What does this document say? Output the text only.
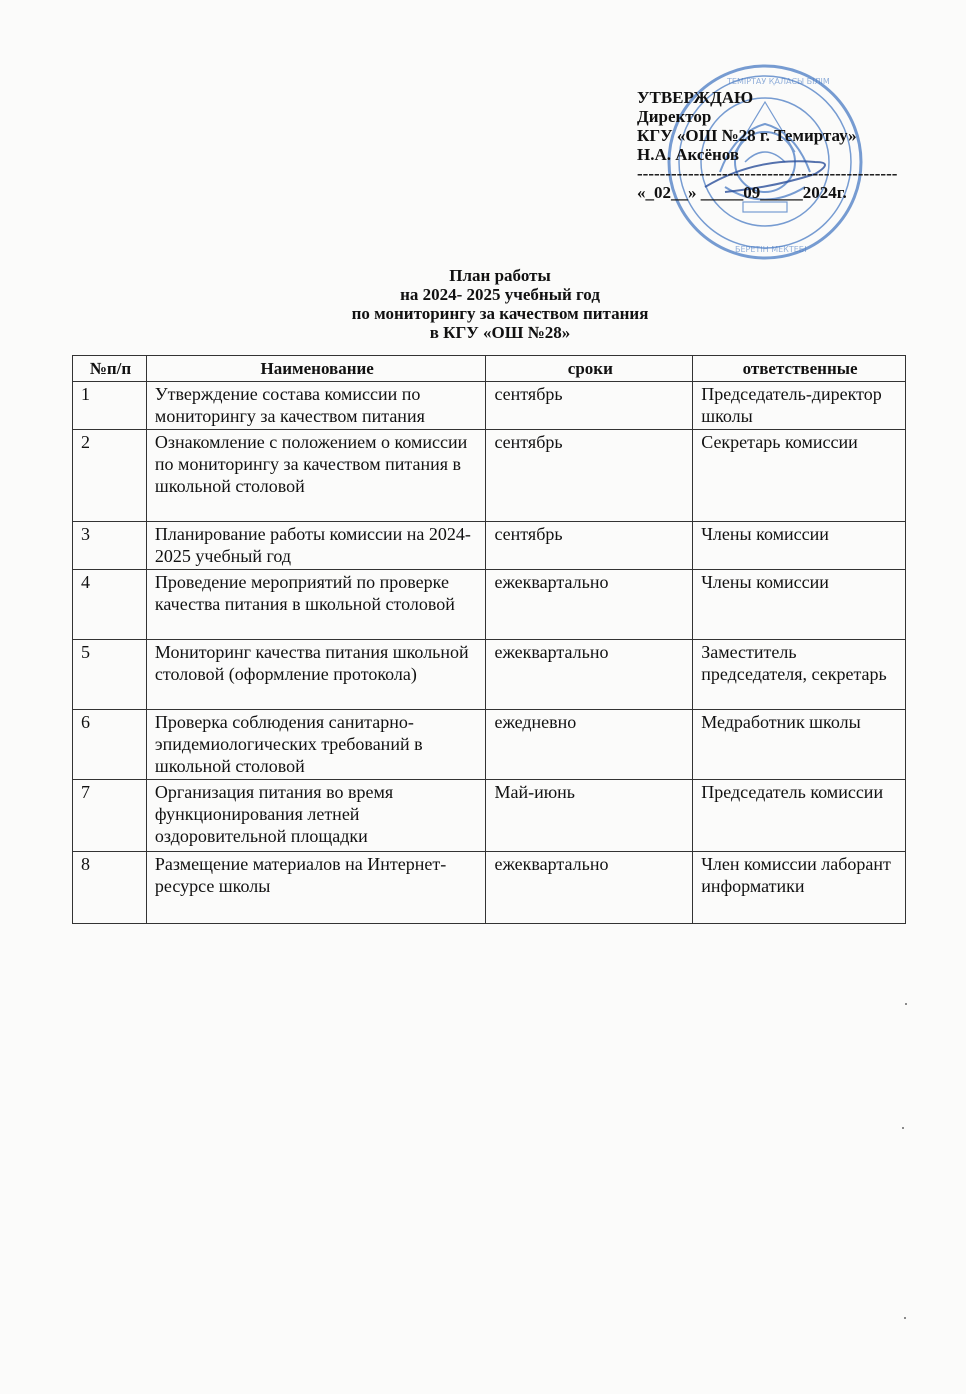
ТЕМІРТАУ ҚАЛАСЫ БІЛІМ
БЕРЕТІН МЕКТЕБІ
УТВЕРЖДАЮ
Директор
КГУ «ОШ №28 г. Темиртау»
Н.А. Аксёнов
----------------------------------------------
«_02__» _____09_____2024г.
План работы
на 2024- 2025 учебный год
по мониторингу за качеством питания
в КГУ «ОШ №28»
№п/п	Наименование	сроки	ответственные
1	Утверждение состава комиссии по мониторингу за качеством питания	сентябрь	Председатель-директор школы
2	Ознакомление с положением о комиссии по мониторингу за качеством питания в школьной столовой	сентябрь	Секретарь комиссии
3	Планирование работы комиссии на 2024-2025 учебный год	сентябрь	Члены комиссии
4	Проведение мероприятий по проверке качества питания в школьной столовой	ежеквартально	Члены комиссии
5	Мониторинг качества питания школьной столовой (оформление протокола)	ежеквартально	Заместитель председателя, секретарь
6	Проверка соблюдения санитарно-эпидемиологических требований в школьной столовой	ежедневно	Медработник школы
7	Организация питания во время функционирования летней оздоровительной площадки	Май-июнь	Председатель комиссии
8	Размещение материалов на Интернет-ресурсе школы	ежеквартально	Член комиссии лаборант информатики
